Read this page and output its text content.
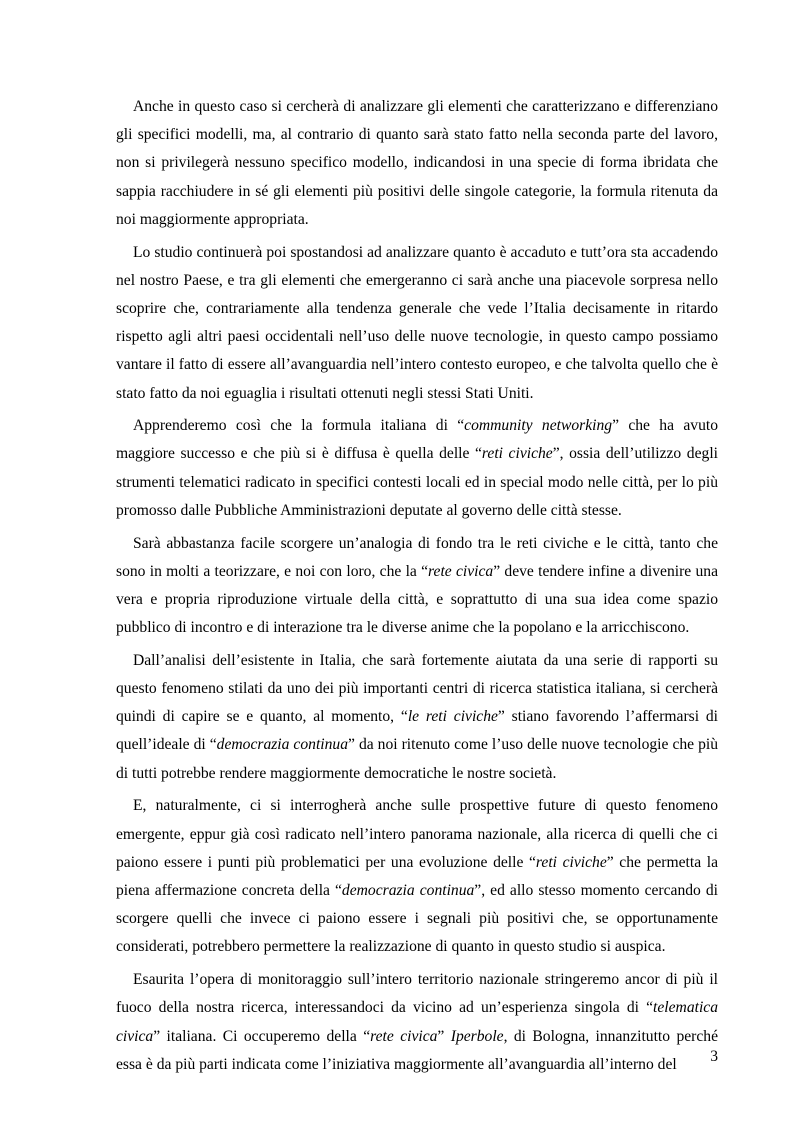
Anche in questo caso si cercherà di analizzare gli elementi che caratterizzano e differenziano gli specifici modelli, ma, al contrario di quanto sarà stato fatto nella seconda parte del lavoro, non si privilegerà nessuno specifico modello, indicandosi in una specie di forma ibridata che sappia racchiudere in sé gli elementi più positivi delle singole categorie, la formula ritenuta da noi maggiormente appropriata.

Lo studio continuerà poi spostandosi ad analizzare quanto è accaduto e tutt’ora sta accadendo nel nostro Paese, e tra gli elementi che emergeranno ci sarà anche una piacevole sorpresa nello scoprire che, contrariamente alla tendenza generale che vede l’Italia decisamente in ritardo rispetto agli altri paesi occidentali nell’uso delle nuove tecnologie, in questo campo possiamo vantare il fatto di essere all’avanguardia nell’intero contesto europeo, e che talvolta quello che è stato fatto da noi eguaglia i risultati ottenuti negli stessi Stati Uniti.

Apprenderemo così che la formula italiana di “community networking” che ha avuto maggiore successo e che più si è diffusa è quella delle “reti civiche”, ossia dell’utilizzo degli strumenti telematici radicato in specifici contesti locali ed in special modo nelle città, per lo più promosso dalle Pubbliche Amministrazioni deputate al governo delle città stesse.

Sarà abbastanza facile scorgere un’analogia di fondo tra le reti civiche e le città, tanto che sono in molti a teorizzare, e noi con loro, che la “rete civica” deve tendere infine a divenire una vera e propria riproduzione virtuale della città, e soprattutto di una sua idea come spazio pubblico di incontro e di interazione tra le diverse anime che la popolano e la arricchiscono.

Dall’analisi dell’esistente in Italia, che sarà fortemente aiutata da una serie di rapporti su questo fenomeno stilati da uno dei più importanti centri di ricerca statistica italiana, si cercherà quindi di capire se e quanto, al momento, “le reti civiche” stiano favorendo l’affermarsi di quell’ideale di “democrazia continua” da noi ritenuto come l’uso delle nuove tecnologie che più di tutti potrebbe rendere maggiormente democratiche le nostre società.

E, naturalmente, ci si interrogherà anche sulle prospettive future di questo fenomeno emergente, eppur già così radicato nell’intero panorama nazionale, alla ricerca di quelli che ci paiono essere i punti più problematici per una evoluzione delle “reti civiche” che permetta la piena affermazione concreta della “democrazia continua”, ed allo stesso momento cercando di scorgere quelli che invece ci paiono essere i segnali più positivi che, se opportunamente considerati, potrebbero permettere la realizzazione di quanto in questo studio si auspica.

Esaurita l’opera di monitoraggio sull’intero territorio nazionale stringeremo ancor di più il fuoco della nostra ricerca, interessandoci da vicino ad un’esperienza singola di “telematica civica” italiana. Ci occuperemo della “rete civica” Iperbole, di Bologna, innanzitutto perché essa è da più parti indicata come l’iniziativa maggiormente all’avanguardia all’interno del	3
